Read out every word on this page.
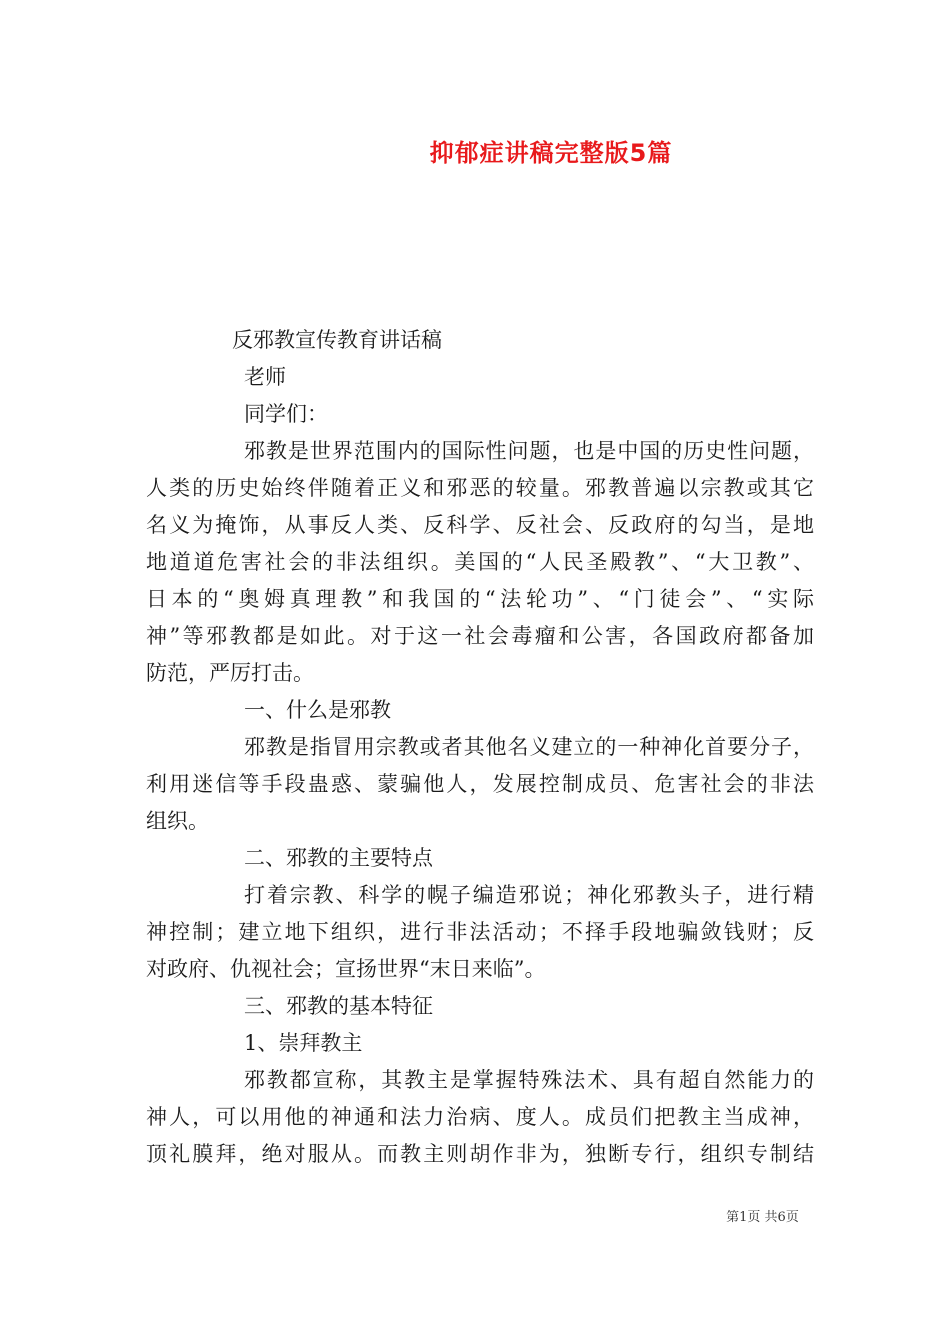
抑郁症讲稿完整版5篇
反邪教宣传教育讲话稿
老师
同学们：
邪教是世界范围内的国际性问题，也是中国的历史性问题，
人类的历史始终伴随着正义和邪恶的较量。邪教普遍以宗教或其它
名义为掩饰，从事反人类、反科学、反社会、反政府的勾当，是地
地道道危害社会的非法组织。美国的“人民圣殿教”、“大卫教”、
日本的“奥姆真理教”和我国的“法轮功”、“门徒会”、“实际
神”等邪教都是如此。对于这一社会毒瘤和公害，各国政府都备加
防范，严厉打击。
一、什么是邪教
邪教是指冒用宗教或者其他名义建立的一种神化首要分子，
利用迷信等手段蛊惑、蒙骗他人，发展控制成员、危害社会的非法
组织。
二、邪教的主要特点
打着宗教、科学的幌子编造邪说；神化邪教头子，进行精
神控制；建立地下组织，进行非法活动；不择手段地骗敛钱财；反
对政府、仇视社会；宣扬世界“末日来临”。
三、邪教的基本特征
1、崇拜教主
邪教都宣称，其教主是掌握特殊法术、具有超自然能力的
神人，可以用他的神通和法力治病、度人。成员们把教主当成神，
顶礼膜拜，绝对服从。而教主则胡作非为，独断专行，组织专制结
第1页 共6页
